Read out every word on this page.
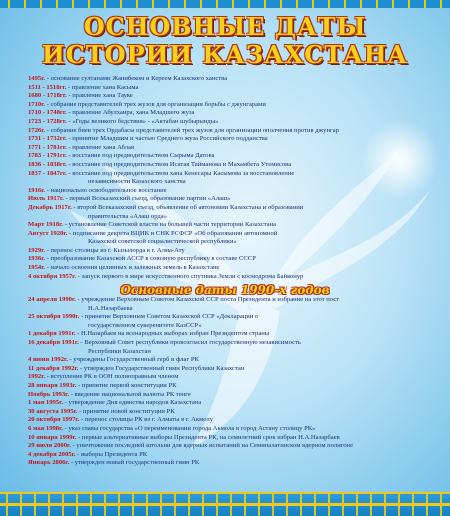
ОСНОВНЫЕ ДАТЫ
ИСТОРИИ КАЗАХСТАНА
1495г. - основание султанами Жанибеком и Кереем Казахского ханства
1511 - 1518гг. - правление хана Касыма
1680 - 1718гг. - правление хана Тауке
1710г. - собрание представителей трех жузов для организации борьбы с джунгарами
1710 - 1748гг. - правление Абулхаира, хана Младшего жуза
1723 - 1728гг. - «Годы великого бедствия» - «Актабан шубырынды»
1726г. - собрание биев трех Ордабасы представителей трех жузов для организации ополчения против джунгар
1731 - 1732гг. - принятие Младшим и частью Среднего жуза Российского подданства
1771 - 1781гг. - правление хана Аблая
1783 - 1791гг. - восстание под предводительством Сырыма Датова
1836 - 1838гг. - восстание под предводительством Исатая Тайманова и Махамбета Утемисова
1837 - 1847гг. - восстание под предводительством хана Кенесары Касымова за восстановление
независимости Казахского ханства
1916г. - национально освободительное восстание
Июль 1917г. - первый Всеказахский съезд, образование партии «Алаш»
Декабрь 1917г. - второй Всеказахский съезд, объявление об автономии Казахстана и образовании
правительства «Алаш орда»
Март 1918г. - установление Советской власти на большей части территории Казахстана
Август 1920г. - подписание декрета ВЦИК и СНК РСФСР «Об образовании автономной
Казахской советской социалистической республики»
1929г. - перенос столицы из г. Кызылорда в г. Алма-Ату
1936г. - преобразование Казахской АССР в союзную республику в составе СССР
1954г. - начало освоения целинных и залежных земель в Казахстане
4 октября 1957г. - запуск первого в мире искусственного спутника Земли с космодрома Байконур
Основные даты 1990-х годов
24 апреля 1990г. - учреждение Верховным Советом Казахской ССР поста Президента и избрание на этот пост
Н.А.Назарбаева
25 октября 1990г. - принятие Верховным Советом Казахской ССР «Декларации о
государственном суверенитете КазССР»
1 декабря 1991г. - Н.Назарбаев на всенародных выборах избран Президентом страны
16 декабря 1991г. - Верховный Совет республики провозгласил государственную независимость
Республики Казахстан
4 июня 1992г. - учреждены Государственный герб и флаг РК
11 декабря 1992г. - утвержден Государственный гимн Республики Казахстан
1992г. - вступление РК в ООН полноправным членом
28 января 1993г. - принятие первой конституции РК
Ноябрь 1993г. - введение национальной валюты РК тенге
1 мая 1995г. - утверждение Дня единства народов Казахстана
30 августа 1995г. - принятие новой конституции РК
20 октября 1997г. - перенос столицы РК из г. Алматы в г. Акмолу
6 мая 1998г. - указ главы государства «О переименовании города Акмола в город Астану столицу РК»
10 января 1999г. - первые альтернативные выборы Президента РК, на семилетний срок избран Н.А.Назарбаев
29 июля 2000г. - уничтожение последней штольни для ядерных испытаний на Семипалатинском ядерном полигоне
4 декабря 2005г. - выборы Президента РК
Январь 2006г. - утвержден новый государственный гимн РК
